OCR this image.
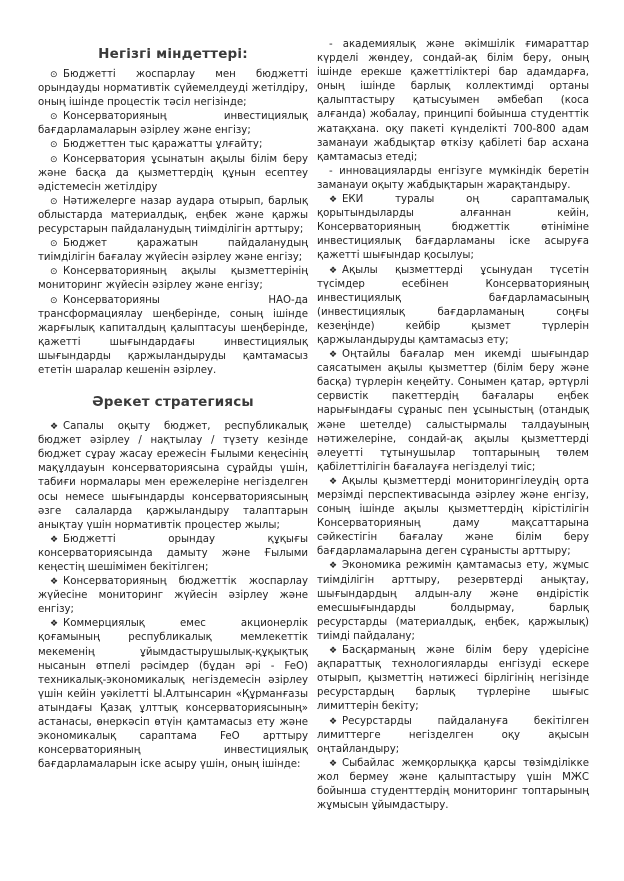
Негізгі міндеттері:

⊙ Бюджетті жоспарлау мен бюджетті орындауды нормативтік сүйемелдеуді жетілдіру, оның ішінде процестік тәсіл негізінде;

⊙ Консерваторияның инвестициялық бағдарламаларын әзірлеу және енгізу;

⊙ Бюджеттен тыс қаражатты ұлғайту;

⊙ Консерватория ұсынатын ақылы білім беру және басқа да қызметтердің құнын есептеу әдістемесін жетілдіру

⊙ Нәтижелерге назар аудара отырып, барлық облыстарда материалдық, еңбек және қаржы ресурстарын пайдаланудың тиімділігін арттыру;

⊙ Бюджет қаражатын пайдаланудың тиімділігін бағалау жүйесін әзірлеу және енгізу;

⊙ Консерваторияның ақылы қызметтерінің мониторинг жүйесін әзірлеу және енгізу;

⊙ Консерваторияны НАО-да трансформациялау шеңберінде, соның ішінде жарғылық капиталдың қалыптасуы шеңберінде, қажетті шығындардағы инвестициялық шығындарды қаржыландыруды қамтамасыз ететін шаралар кешенін әзірлеу.

Әрекет стратегиясы

❖ Сапалы оқыту бюджет, республикалық бюджет әзірлеу / нақтылау / түзету кезінде бюджет сұрау жасау ережесін Ғылыми кеңесінің мақұлдауын консерваторияcына сұрайды үшін, табиғи нормалары мен ережелеріне негізделген осы немесе шығындарды консерваторияcының әзге салаларда қаржыландыру талаптарын анықтау үшін нормативтік процестер жылы;

❖ Бюджетті орындау құқығы консерваториясында дамыту және Ғылыми кеңестің шешімімен бекітілген;

❖ Консерваторияның бюджеттік жоспарлау жүйесіне мониторинг жүйесін әзірлеу және енгізу;

❖ Коммерциялық емес акционерлік қоғамының республикалық мемлекеттік мекеменің ұйымдастырушылық-құқықтық нысанын өтпелі рәсімдер (бұдан әрі - FeO) техникалық-экономикалық негіздемесін әзірлеу үшін кейін уәкілетті Ы.Алтынсарин «Құрманғазы атындағы Қазақ ұлттық консерваториясының» астанасы, өнеркәсіп өтүін қамтамасыз ету және экономикалық сараптама FeO арттыру консерваторияның инвестициялық бағдарламаларын іске асыру үшін, оның ішінде:

- академиялық және әкімшілік ғимараттар күрделі жөндеу, сондай-ақ білім беру, оның ішінде ерекше қажеттіліктері бар адамдарға, оның ішінде барлық коллектимді ортаны қалыптастыру қатысуымен әмбебап (коса алғанда) жобалау, принципі бойынша студенттік жатақхана. оқу пакеті күнделікті 700-800 адам заманауи жабдықтар өткізу қабілеті бар асхана қамтамасыз етеді;

- инновацияларды енгізуге мүмкіндік беретін заманауи оқыту жабдықтарын жарақтандыру.

❖ ЕКИ туралы оң сараптамалық қорытындыларды алғаннан кейін, Консерваторияның бюджеттік өтініміне инвестициялық бағдарламаны іске асыруға қажетті шығындар қосылуы;

❖ Ақылы қызметтерді ұсынудан түсетін түсімдер есебінен Консерваторияның инвестициялық бағдарламасының (инвестициялық бағдарламаның соңғы кезеңінде) кейбір қызмет түрлерін қаржыландыруды қамтамасыз ету;

❖ Оңтайлы бағалар мен икемді шығындар саясатымен ақылы қызметтер (білім беру және басқа) түрлерін кеңейту. Сонымен қатар, әртүрлі сервистік пакеттердің бағалары еңбек нарығындағы сұраныс пен ұсыныстың (отандық және шетелде) салыстырмалы талдауының нәтижелеріне, сондай-ақ ақылы қызметтерді әлеуетті тұтынушылар топтарының төлем қабілеттілігін бағалауға негізделуі тиіс;

❖ Ақылы қызметтерді мониторингілеудің орта мерзімді перспективасында әзірлеу және енгізу, соның ішінде ақылы қызметтердің кірістілігін Консерваторияның даму мақсаттарына сәйкестігін бағалау және білім беру бағдарламаларына деген сұранысты арттыру;

❖ Экономика режимін қамтамасыз ету, жұмыс тиімділігін арттыру, резервтерді анықтау, шығындардың алдын-алу және өндірістік емесшығындарды болдырмау, барлық ресурстарды (материалдық, еңбек, қаржылық) тиімді пайдалану;

❖ Басқарманың және білім беру үдерісіне ақпараттық технологияларды енгізуді ескере отырып, қызметтің нәтижесі бірлігінің негізінде ресурстардың барлық түрлеріне шығыс лимиттерін бекіту;

❖ Ресурстарды пайдалануға бекітілген лимиттерге негізделген оқу ақысын оңтайландыру;

❖ Сыбайлас жемқорлыққа қарсы төзімділікке жол бермеу және қалыптастыру үшін МЖС бойынша студенттердің мониторинг топтарының жұмысын ұйымдастыру.
